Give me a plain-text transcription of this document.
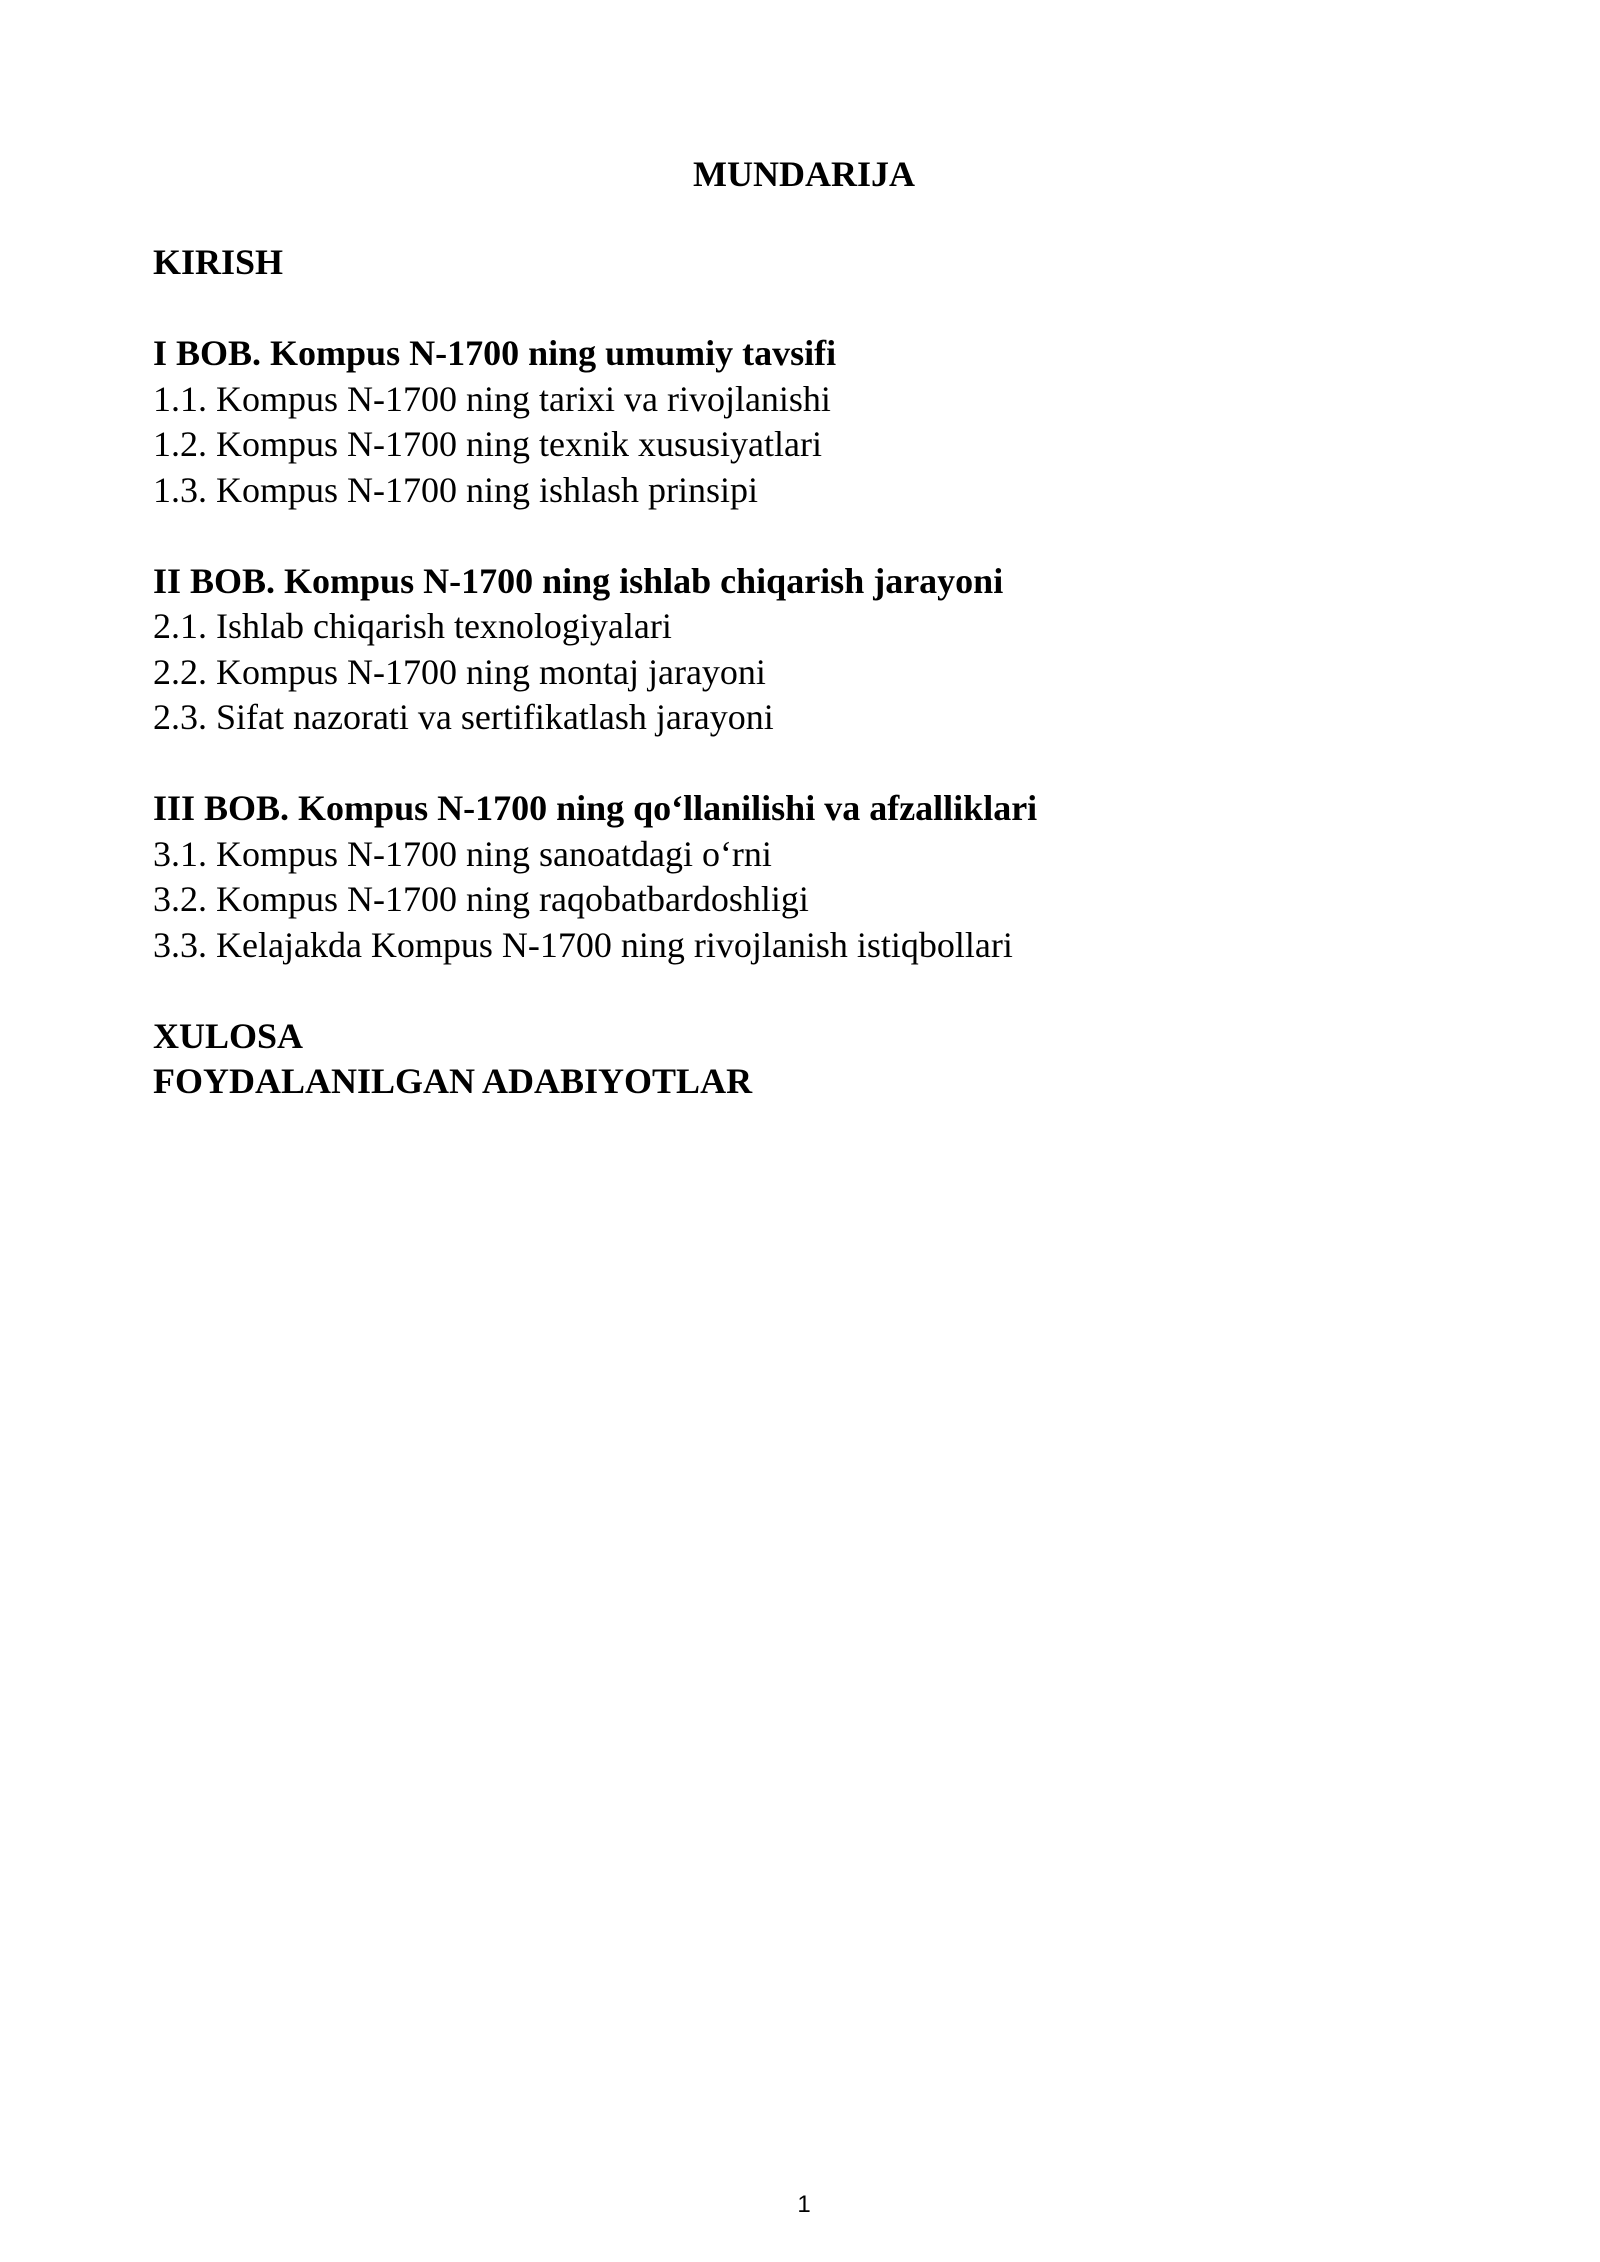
MUNDARIJA
KIRISH
I BOB. Kompus N-1700 ning umumiy tavsifi
1.1. Kompus N-1700 ning tarixi va rivojlanishi
1.2. Kompus N-1700 ning texnik xususiyatlari
1.3. Kompus N-1700 ning ishlash prinsipi
II BOB. Kompus N-1700 ning ishlab chiqarish jarayoni
2.1. Ishlab chiqarish texnologiyalari
2.2. Kompus N-1700 ning montaj jarayoni
2.3. Sifat nazorati va sertifikatlash jarayoni
III BOB. Kompus N-1700 ning qo‘llanilishi va afzalliklari
3.1. Kompus N-1700 ning sanoatdagi o‘rni
3.2. Kompus N-1700 ning raqobatbardoshligi
3.3. Kelajakda Kompus N-1700 ning rivojlanish istiqbollari
XULOSA
FOYDALANILGAN ADABIYOTLAR
1
